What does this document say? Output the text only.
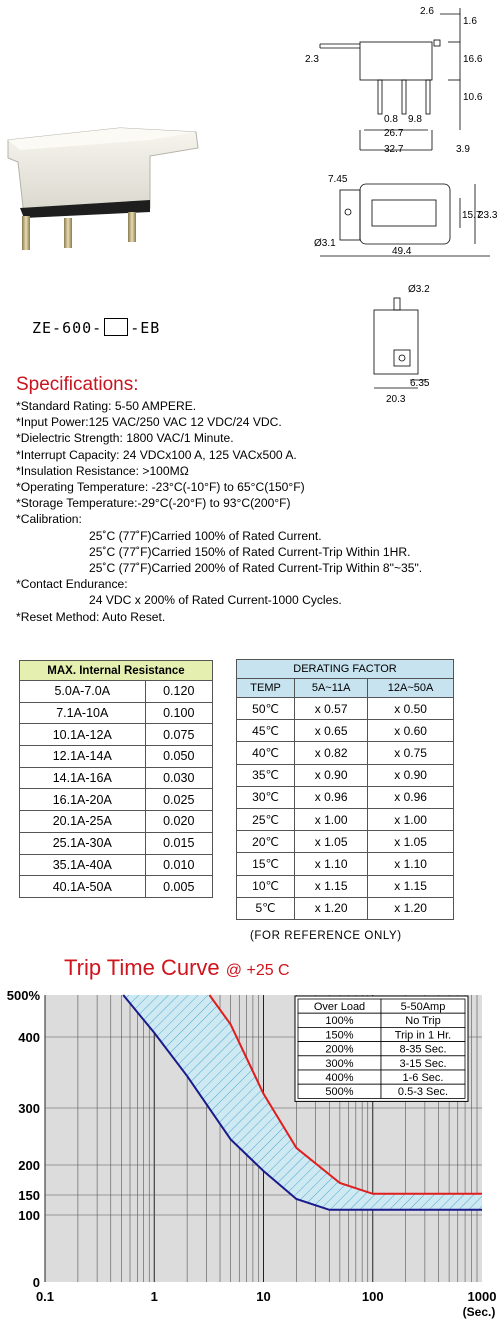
2.6
1.6
2.3	16.6
10.6
0.8 9.8
26.7
32.7	3.9
7.45
15.7
23.3
Ø3.1
49.4
Ø3.2
6.35
20.3
ZE-600- -EB
Specifications:
*Standard Rating: 5-50 AMPERE.
*Input Power:125 VAC/250 VAC 12 VDC/24 VDC.
*Dielectric Strength: 1800 VAC/1 Minute.
*Interrupt Capacity: 24 VDCx100 A, 125 VACx500 A.
*Insulation Resistance: >100MΩ
*Operating Temperature: -23°C(-10°F) to 65°C(150°F)
*Storage Temperature:-29°C(-20°F) to 93°C(200°F)
*Calibration:
25˚C (77˚F)Carried 100% of Rated Current.
25˚C (77˚F)Carried 150% of Rated Current-Trip Within 1HR.
25˚C (77˚F)Carried 200% of Rated Current-Trip Within 8"~35".
*Contact Endurance:
24 VDC x 200% of Rated Current-1000 Cycles.
*Reset Method: Auto Reset.
MAX. Internal Resistance	
5.0A-7.0A	0.120
7.1A-10A	0.100
10.1A-12A	0.075
12.1A-14A	0.050
14.1A-16A	0.030
16.1A-20A	0.025
20.1A-25A	0.020
25.1A-30A	0.015
35.1A-40A	0.010
40.1A-50A	0.005
DERATING FACTOR		
TEMP	5A~11A	12A~50A
50℃	x 0.57	x 0.50
45℃	x 0.65	x 0.60
40℃	x 0.82	x 0.75
35℃	x 0.90	x 0.90
30℃	x 0.96	x 0.96
25℃	x 1.00	x 1.00
20℃	x 1.05	x 1.05
15℃	x 1.10	x 1.10
10℃	x 1.15	x 1.15
5℃	x 1.20	x 1.20
(FOR REFERENCE ONLY)
Trip Time Curve @ +25 C
0
100
150
200
300
400
500%
0.1	1	10	100	1000
(Sec.)
Over Load	5-50Amp
100%	No Trip
150%	Trip in 1 Hr.
200%	8-35 Sec.
300%	3-15 Sec.
400%	1-6 Sec.
500%	0.5-3 Sec.
